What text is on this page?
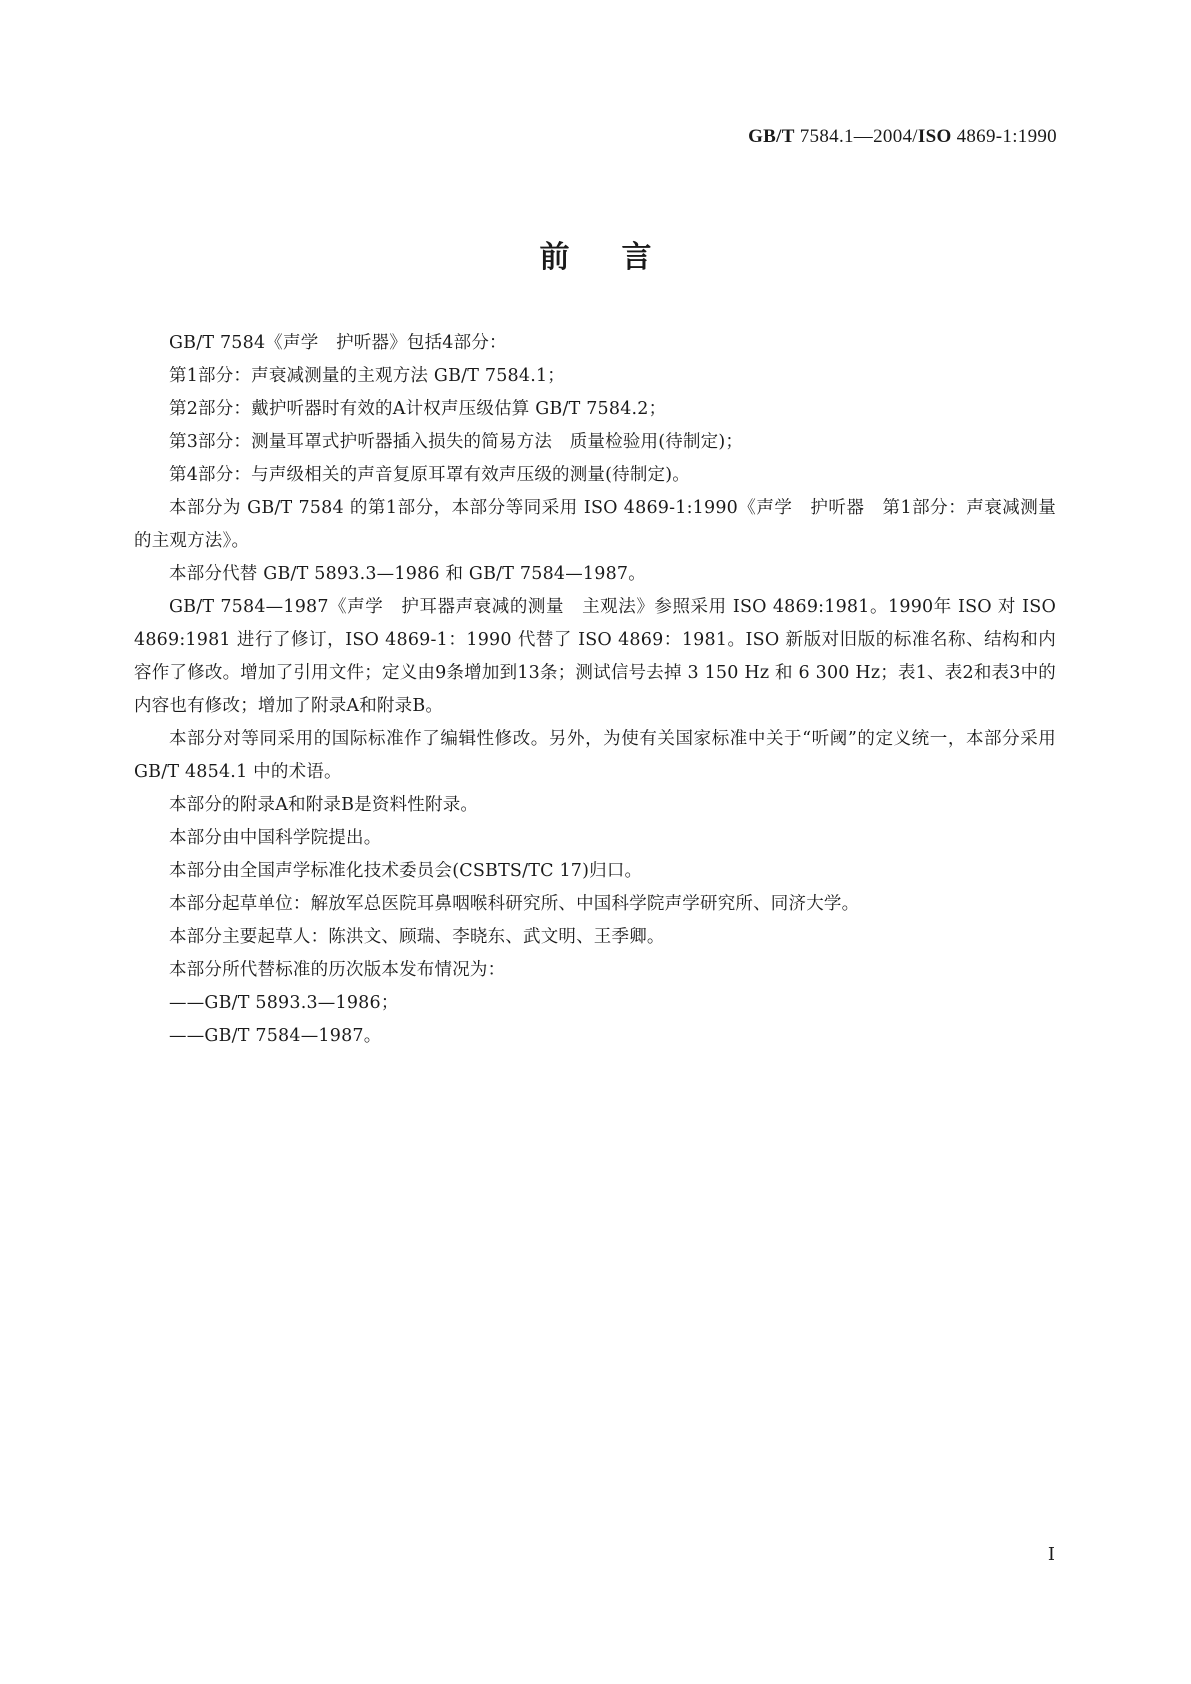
GB/T 7584.1—2004/ISO 4869-1:1990
前言

GB/T 7584《声学　护听器》包括4部分：

第1部分：声衰减测量的主观方法 GB/T 7584.1；

第2部分：戴护听器时有效的A计权声压级估算 GB/T 7584.2；

第3部分：测量耳罩式护听器插入损失的简易方法　质量检验用(待制定)；

第4部分：与声级相关的声音复原耳罩有效声压级的测量(待制定)。

本部分为 GB/T 7584 的第1部分，本部分等同采用 ISO 4869-1:1990《声学　护听器　第1部分：声衰减测量的主观方法》。

本部分代替 GB/T 5893.3—1986 和 GB/T 7584—1987。

GB/T 7584—1987《声学　护耳器声衰减的测量　主观法》参照采用 ISO 4869:1981。1990年 ISO 对 ISO 4869:1981 进行了修订，ISO 4869-1：1990 代替了 ISO 4869：1981。ISO 新版对旧版的标准名称、结构和内容作了修改。增加了引用文件；定义由9条增加到13条；测试信号去掉 3 150 Hz 和 6 300 Hz；表1、表2和表3中的内容也有修改；增加了附录A和附录B。

本部分对等同采用的国际标准作了编辑性修改。另外，为使有关国家标准中关于“听阈”的定义统一，本部分采用 GB/T 4854.1 中的术语。

本部分的附录A和附录B是资料性附录。

本部分由中国科学院提出。

本部分由全国声学标准化技术委员会(CSBTS/TC 17)归口。

本部分起草单位：解放军总医院耳鼻咽喉科研究所、中国科学院声学研究所、同济大学。

本部分主要起草人：陈洪文、顾瑞、李晓东、武文明、王季卿。

本部分所代替标准的历次版本发布情况为：

——GB/T 5893.3—1986；

——GB/T 7584—1987。

I
